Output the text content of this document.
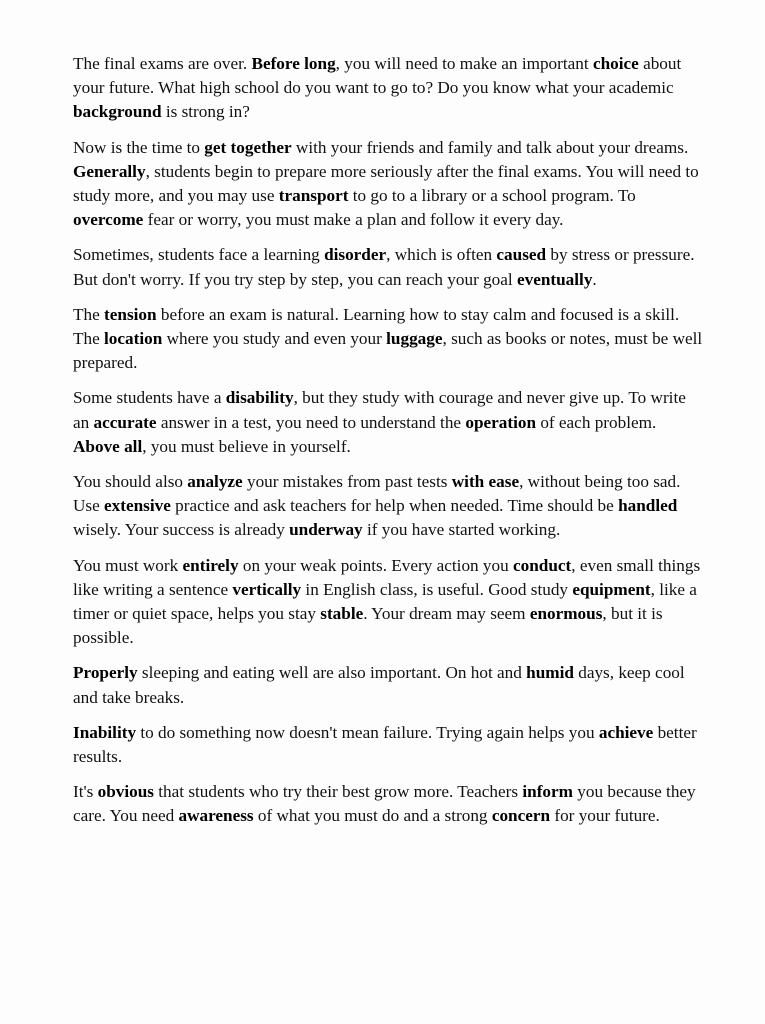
The final exams are over. Before long, you will need to make an important choice about your future. What high school do you want to go to? Do you know what your academic background is strong in?

Now is the time to get together with your friends and family and talk about your dreams. Generally, students begin to prepare more seriously after the final exams. You will need to study more, and you may use transport to go to a library or a school program. To overcome fear or worry, you must make a plan and follow it every day.

Sometimes, students face a learning disorder, which is often caused by stress or pressure. But don't worry. If you try step by step, you can reach your goal eventually.

The tension before an exam is natural. Learning how to stay calm and focused is a skill. The location where you study and even your luggage, such as books or notes, must be well prepared.

Some students have a disability, but they study with courage and never give up. To write an accurate answer in a test, you need to understand the operation of each problem. Above all, you must believe in yourself.

You should also analyze your mistakes from past tests with ease, without being too sad. Use extensive practice and ask teachers for help when needed. Time should be handled wisely. Your success is already underway if you have started working.

You must work entirely on your weak points. Every action you conduct, even small things like writing a sentence vertically in English class, is useful. Good study equipment, like a timer or quiet space, helps you stay stable. Your dream may seem enormous, but it is possible.

Properly sleeping and eating well are also important. On hot and humid days, keep cool and take breaks.

Inability to do something now doesn't mean failure. Trying again helps you achieve better results.

It's obvious that students who try their best grow more. Teachers inform you because they care. You need awareness of what you must do and a strong concern for your future.
